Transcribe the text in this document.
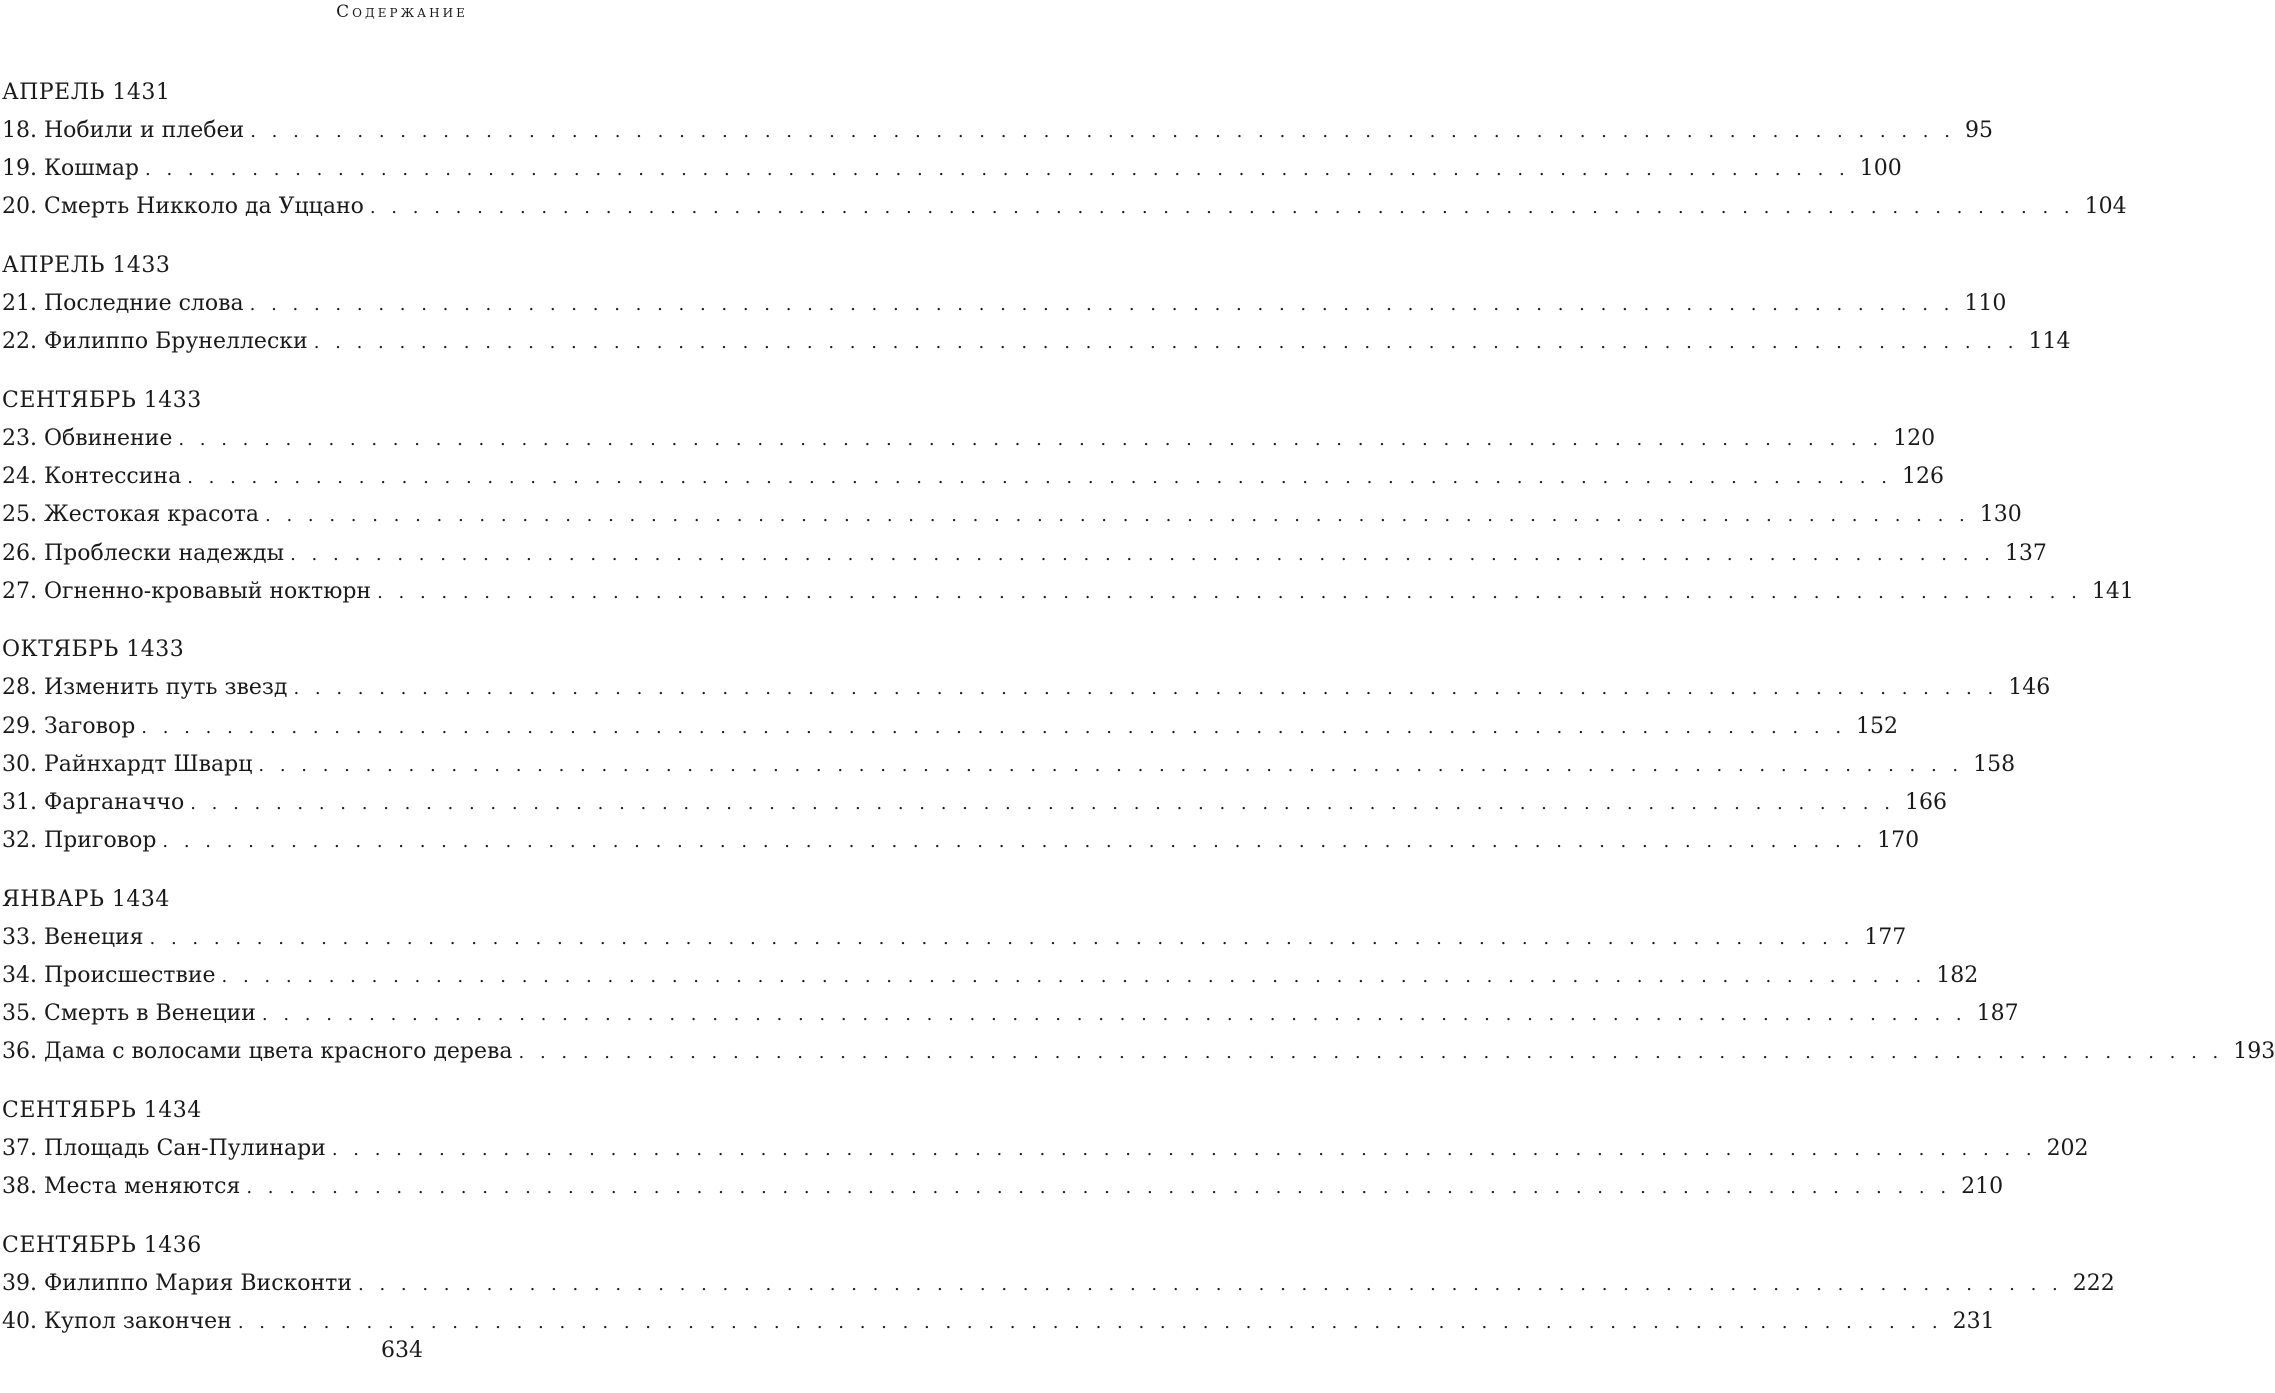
Содержание
АПРЕЛЬ 1431
18. Нобили и плебеи . . . . . . . . . . . . . . . . . . . . . . . . . . . . . . . . . . . . . . . . . . . . . . . . . . . . . . . . . . . . . . . . . . . . . . . . . . . . . . . . 95
19. Кошмар . . . . . . . . . . . . . . . . . . . . . . . . . . . . . . . . . . . . . . . . . . . . . . . . . . . . . . . . . . . . . . . . . . . . . . . . . . . . . . . . 100
20. Смерть Никколо да Уццано . . . . . . . . . . . . . . . . . . . . . . . . . . . . . . . . . . . . . . . . . . . . . . . . . . . . . . . . . . . . . . . . . . . . . . . . . . . . . . . . 104
АПРЕЛЬ 1433
21. Последние слова . . . . . . . . . . . . . . . . . . . . . . . . . . . . . . . . . . . . . . . . . . . . . . . . . . . . . . . . . . . . . . . . . . . . . . . . . . . . . . . . 110
22. Филиппо Брунеллески . . . . . . . . . . . . . . . . . . . . . . . . . . . . . . . . . . . . . . . . . . . . . . . . . . . . . . . . . . . . . . . . . . . . . . . . . . . . . . . . 114
СЕНТЯБРЬ 1433
23. Обвинение . . . . . . . . . . . . . . . . . . . . . . . . . . . . . . . . . . . . . . . . . . . . . . . . . . . . . . . . . . . . . . . . . . . . . . . . . . . . . . . . 120
24. Контессина . . . . . . . . . . . . . . . . . . . . . . . . . . . . . . . . . . . . . . . . . . . . . . . . . . . . . . . . . . . . . . . . . . . . . . . . . . . . . . . . 126
25. Жестокая красота . . . . . . . . . . . . . . . . . . . . . . . . . . . . . . . . . . . . . . . . . . . . . . . . . . . . . . . . . . . . . . . . . . . . . . . . . . . . . . . . 130
26. Проблески надежды . . . . . . . . . . . . . . . . . . . . . . . . . . . . . . . . . . . . . . . . . . . . . . . . . . . . . . . . . . . . . . . . . . . . . . . . . . . . . . . . 137
27. Огненно-кровавый ноктюрн . . . . . . . . . . . . . . . . . . . . . . . . . . . . . . . . . . . . . . . . . . . . . . . . . . . . . . . . . . . . . . . . . . . . . . . . . . . . . . . . 141
ОКТЯБРЬ 1433
28. Изменить путь звезд . . . . . . . . . . . . . . . . . . . . . . . . . . . . . . . . . . . . . . . . . . . . . . . . . . . . . . . . . . . . . . . . . . . . . . . . . . . . . . . . 146
29. Заговор . . . . . . . . . . . . . . . . . . . . . . . . . . . . . . . . . . . . . . . . . . . . . . . . . . . . . . . . . . . . . . . . . . . . . . . . . . . . . . . . 152
30. Райнхардт Шварц . . . . . . . . . . . . . . . . . . . . . . . . . . . . . . . . . . . . . . . . . . . . . . . . . . . . . . . . . . . . . . . . . . . . . . . . . . . . . . . . 158
31. Фарганаччо . . . . . . . . . . . . . . . . . . . . . . . . . . . . . . . . . . . . . . . . . . . . . . . . . . . . . . . . . . . . . . . . . . . . . . . . . . . . . . . . 166
32. Приговор . . . . . . . . . . . . . . . . . . . . . . . . . . . . . . . . . . . . . . . . . . . . . . . . . . . . . . . . . . . . . . . . . . . . . . . . . . . . . . . . 170
ЯНВАРЬ 1434
33. Венеция . . . . . . . . . . . . . . . . . . . . . . . . . . . . . . . . . . . . . . . . . . . . . . . . . . . . . . . . . . . . . . . . . . . . . . . . . . . . . . . . 177
34. Происшествие . . . . . . . . . . . . . . . . . . . . . . . . . . . . . . . . . . . . . . . . . . . . . . . . . . . . . . . . . . . . . . . . . . . . . . . . . . . . . . . . 182
35. Смерть в Венеции . . . . . . . . . . . . . . . . . . . . . . . . . . . . . . . . . . . . . . . . . . . . . . . . . . . . . . . . . . . . . . . . . . . . . . . . . . . . . . . . 187
36. Дама с волосами цвета красного дерева . . . . . . . . . . . . . . . . . . . . . . . . . . . . . . . . . . . . . . . . . . . . . . . . . . . . . . . . . . . . . . . . . . . . . . . . . . . . . . . . 193
СЕНТЯБРЬ 1434
37. Площадь Сан-Пулинари . . . . . . . . . . . . . . . . . . . . . . . . . . . . . . . . . . . . . . . . . . . . . . . . . . . . . . . . . . . . . . . . . . . . . . . . . . . . . . . . 202
38. Места меняются . . . . . . . . . . . . . . . . . . . . . . . . . . . . . . . . . . . . . . . . . . . . . . . . . . . . . . . . . . . . . . . . . . . . . . . . . . . . . . . . 210
СЕНТЯБРЬ 1436
39. Филиппо Мария Висконти . . . . . . . . . . . . . . . . . . . . . . . . . . . . . . . . . . . . . . . . . . . . . . . . . . . . . . . . . . . . . . . . . . . . . . . . . . . . . . . . 222
40. Купол закончен . . . . . . . . . . . . . . . . . . . . . . . . . . . . . . . . . . . . . . . . . . . . . . . . . . . . . . . . . . . . . . . . . . . . . . . . . . . . . . . . 231
634
